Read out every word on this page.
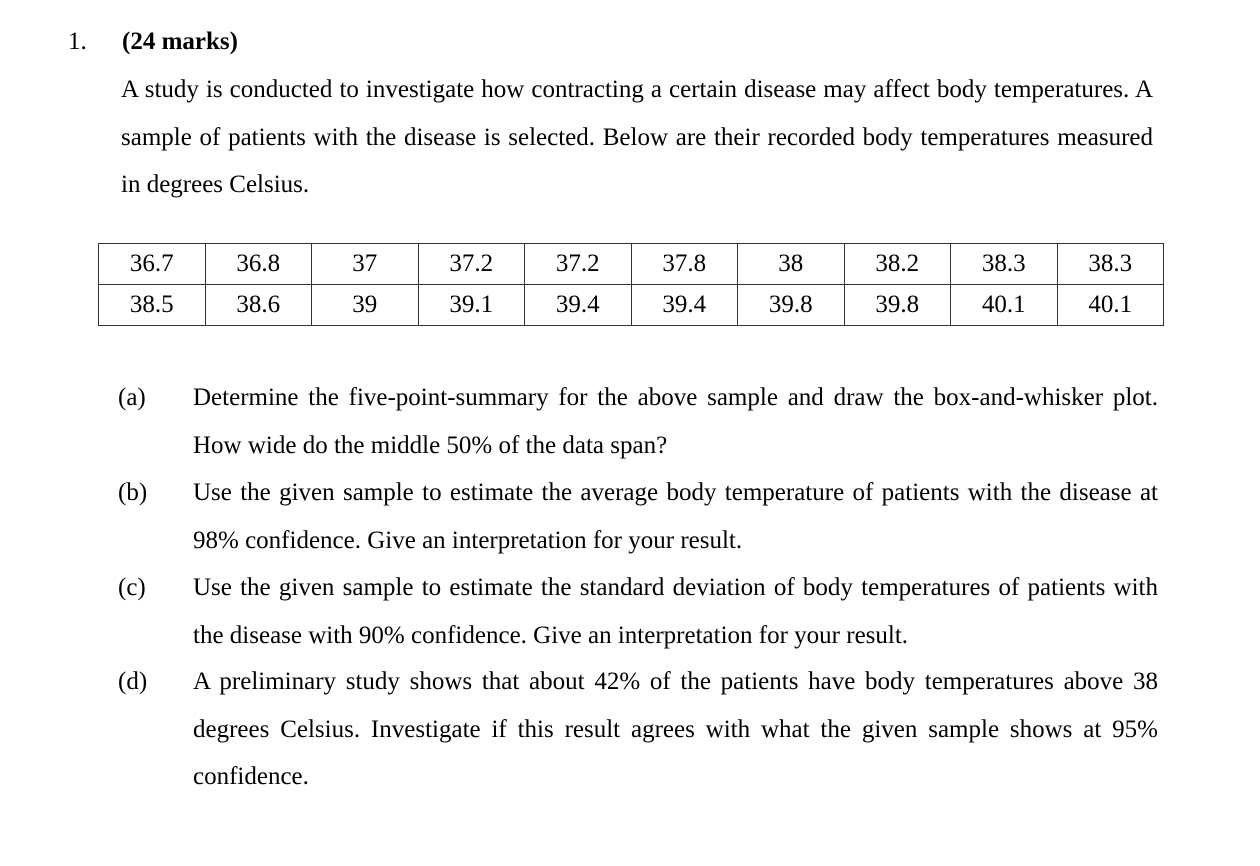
1. (24 marks)
A study is conducted to investigate how contracting a certain disease may affect body temperatures. A sample of patients with the disease is selected. Below are their recorded body temperatures measured in degrees Celsius.
36.7	36.8	37	37.2	37.2	37.8	38	38.2	38.3	38.3
38.5	38.6	39	39.1	39.4	39.4	39.8	39.8	40.1	40.1
(a)	Determine the five-point-summary for the above sample and draw the box-and-whisker plot. How wide do the middle 50% of the data span?
(b)	Use the given sample to estimate the average body temperature of patients with the disease at 98% confidence. Give an interpretation for your result.
(c)	Use the given sample to estimate the standard deviation of body temperatures of patients with the disease with 90% confidence. Give an interpretation for your result.
(d)	A preliminary study shows that about 42% of the patients have body temperatures above 38 degrees Celsius. Investigate if this result agrees with what the given sample shows at 95% confidence.
